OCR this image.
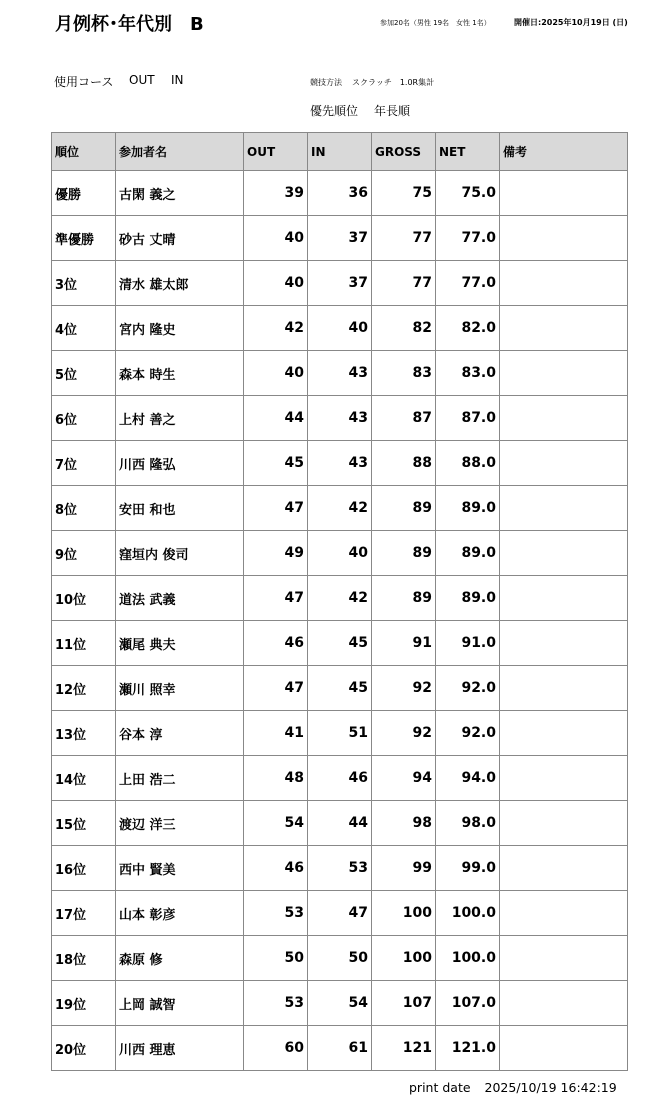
月例杯･年代別　B	参加20名（男性 19名　女性 1名）	開催日:2025年10月19日 (日)
使用コース OUT IN	競技方法 スクラッチ　1.0R集計
優先順位 年長順
順位	参加者名	OUT	IN	GROSS	NET	備考
優勝	古閑 義之	39	36	75	75.0	
準優勝	砂古 丈晴	40	37	77	77.0	
3位	清水 雄太郎	40	37	77	77.0	
4位	宮内 隆史	42	40	82	82.0	
5位	森本 時生	40	43	83	83.0	
6位	上村 善之	44	43	87	87.0	
7位	川西 隆弘	45	43	88	88.0	
8位	安田 和也	47	42	89	89.0	
9位	窪垣内 俊司	49	40	89	89.0	
10位	道法 武義	47	42	89	89.0	
11位	瀬尾 典夫	46	45	91	91.0	
12位	瀬川 照幸	47	45	92	92.0	
13位	谷本 淳	41	51	92	92.0	
14位	上田 浩二	48	46	94	94.0	
15位	渡辺 洋三	54	44	98	98.0	
16位	西中 賢美	46	53	99	99.0	
17位	山本 彰彦	53	47	100	100.0	
18位	森原 修	50	50	100	100.0	
19位	上岡 誠智	53	54	107	107.0	
20位	川西 理恵	60	61	121	121.0	
print date 2025/10/19 16:42:19
